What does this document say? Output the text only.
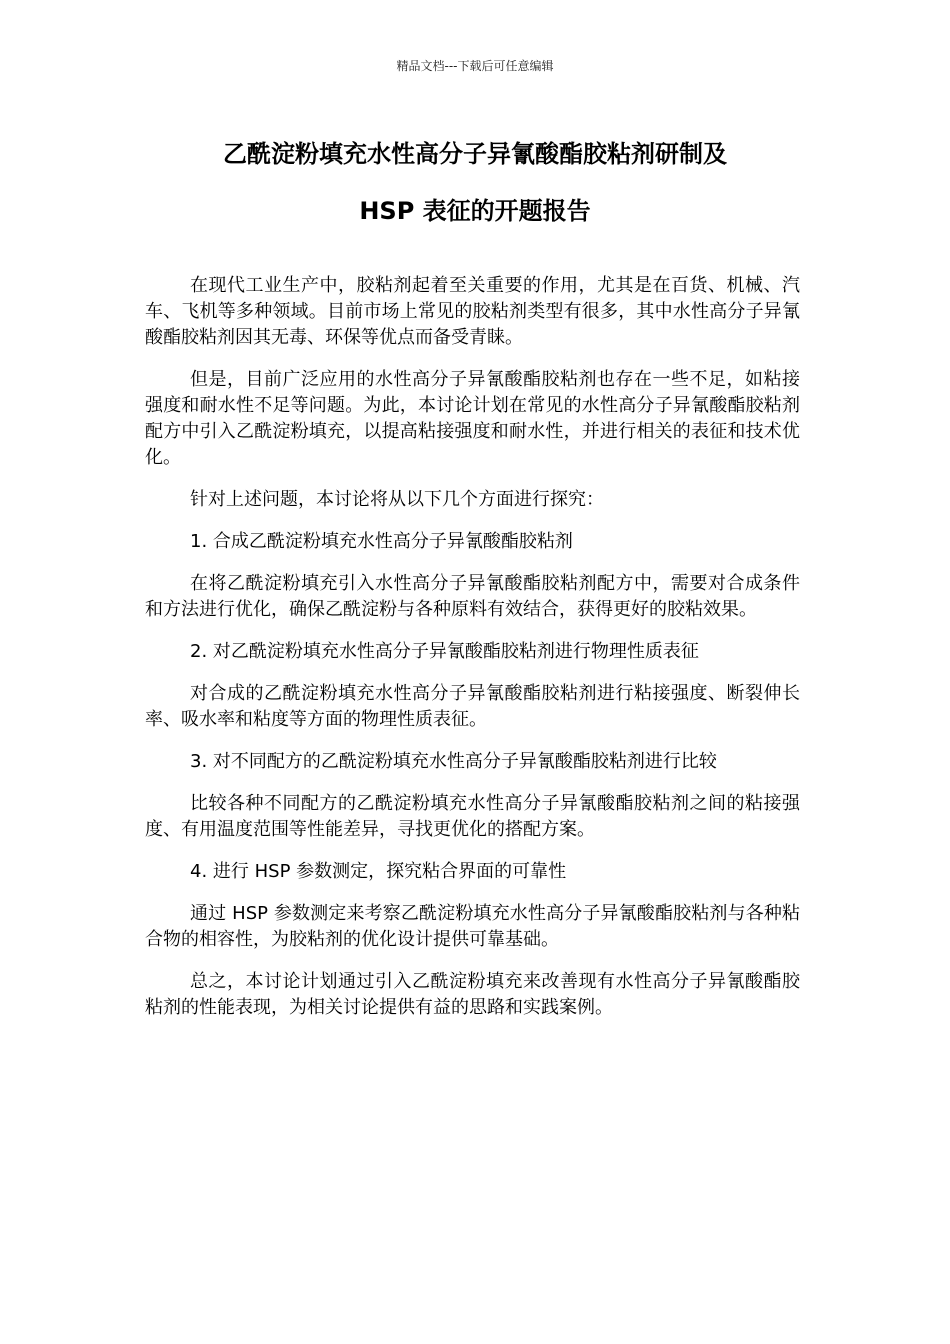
精品文档---下载后可任意编辑
乙酰淀粉填充水性高分子异氰酸酯胶粘剂研制及
HSP 表征的开题报告

在现代工业生产中，胶粘剂起着至关重要的作用，尤其是在百货、机械、汽车、飞机等多种领域。目前市场上常见的胶粘剂类型有很多，其中水性高分子异氰酸酯胶粘剂因其无毒、环保等优点而备受青睐。

但是，目前广泛应用的水性高分子异氰酸酯胶粘剂也存在一些不足，如粘接强度和耐水性不足等问题。为此，本讨论计划在常见的水性高分子异氰酸酯胶粘剂配方中引入乙酰淀粉填充，以提高粘接强度和耐水性，并进行相关的表征和技术优化。

针对上述问题，本讨论将从以下几个方面进行探究：

1. 合成乙酰淀粉填充水性高分子异氰酸酯胶粘剂

在将乙酰淀粉填充引入水性高分子异氰酸酯胶粘剂配方中，需要对合成条件和方法进行优化，确保乙酰淀粉与各种原料有效结合，获得更好的胶粘效果。

2. 对乙酰淀粉填充水性高分子异氰酸酯胶粘剂进行物理性质表征

对合成的乙酰淀粉填充水性高分子异氰酸酯胶粘剂进行粘接强度、断裂伸长率、吸水率和粘度等方面的物理性质表征。

3. 对不同配方的乙酰淀粉填充水性高分子异氰酸酯胶粘剂进行比较

比较各种不同配方的乙酰淀粉填充水性高分子异氰酸酯胶粘剂之间的粘接强度、有用温度范围等性能差异，寻找更优化的搭配方案。

4. 进行 HSP 参数测定，探究粘合界面的可靠性

通过 HSP 参数测定来考察乙酰淀粉填充水性高分子异氰酸酯胶粘剂与各种粘合物的相容性，为胶粘剂的优化设计提供可靠基础。

总之，本讨论计划通过引入乙酰淀粉填充来改善现有水性高分子异氰酸酯胶粘剂的性能表现，为相关讨论提供有益的思路和实践案例。
